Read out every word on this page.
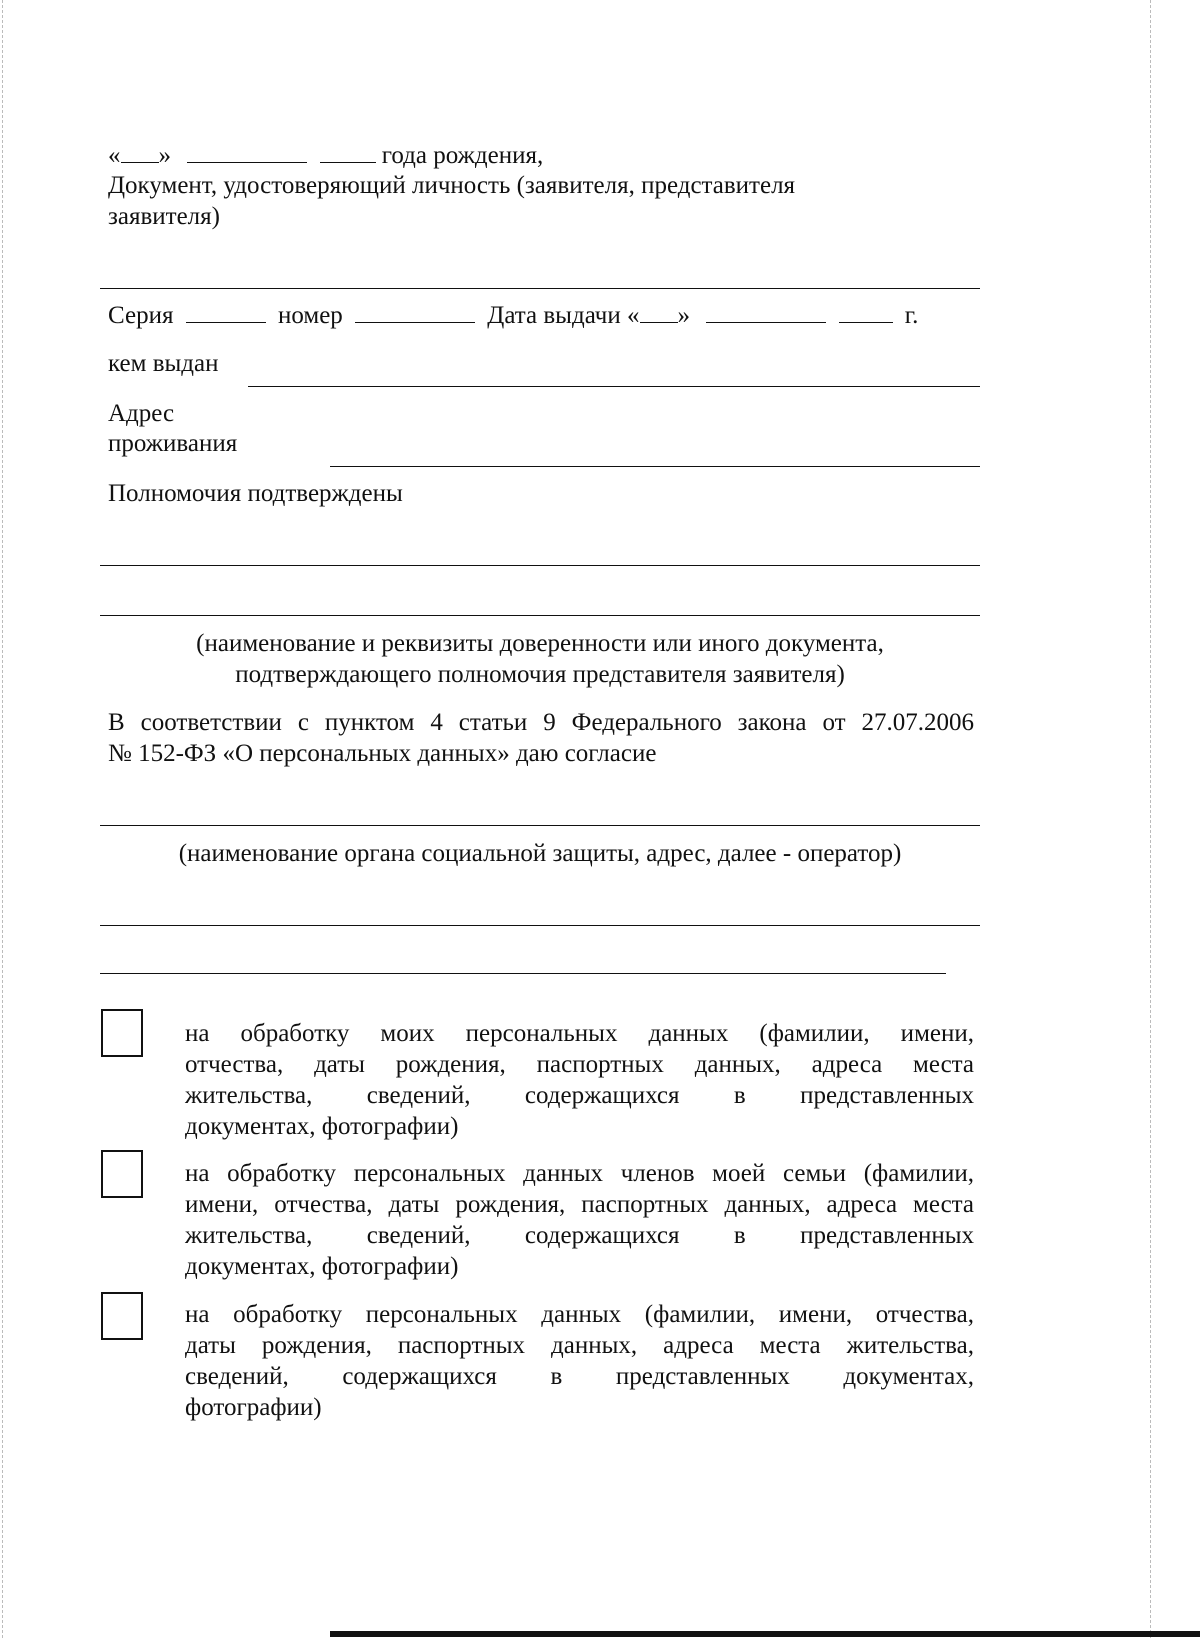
« »	года рождения,
Документ, удостоверяющий личность (заявителя, представителя
заявителя)
Серия	номер	Дата выдачи « »	г.
кем выдан
Адрес
проживания
Полномочия подтверждены
(наименование и реквизиты доверенности или иного документа,
подтверждающего полномочия представителя заявителя)
В соответствии с пунктом 4 статьи 9 Федерального закона от 27.07.2006
№ 152-ФЗ «О персональных данных» даю согласие
(наименование органа социальной защиты, адрес, далее - оператор)
на обработку моих персональных данных (фамилии, имени,
отчества, даты рождения, паспортных данных, адреса места
жительства, сведений, содержащихся в представленных
документах, фотографии)
на обработку персональных данных членов моей семьи (фамилии,
имени, отчества, даты рождения, паспортных данных, адреса места
жительства, сведений, содержащихся в представленных
документах, фотографии)
на обработку персональных данных (фамилии, имени, отчества,
даты рождения, паспортных данных, адреса места жительства,
сведений, содержащихся в представленных документах,
фотографии)
